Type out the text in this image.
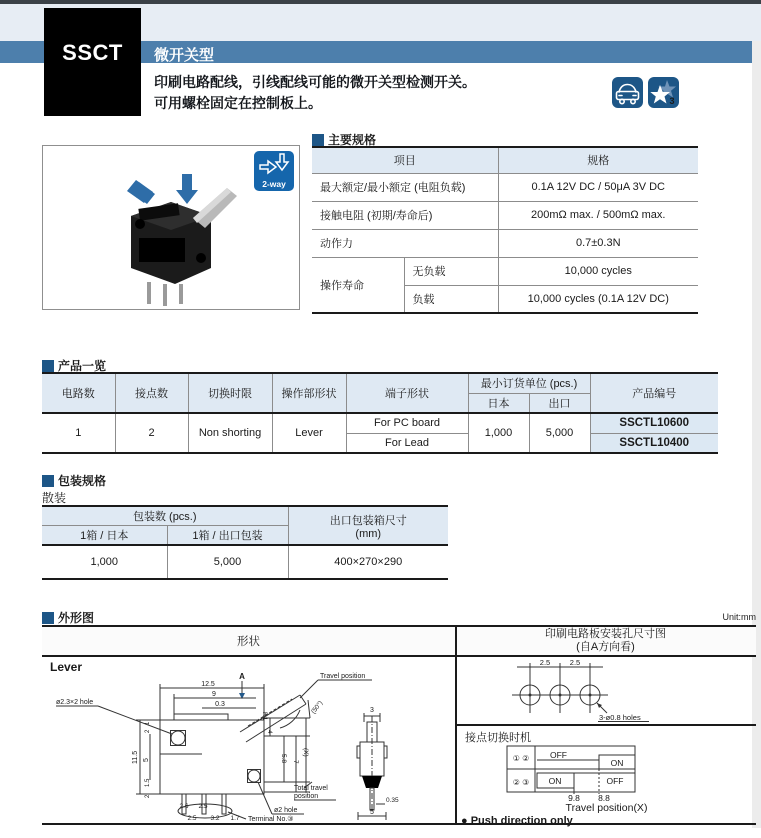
SSCT	微开关型
印刷电路配线，引线配线可能的微开关型检测开关。
可用螺栓固定在控制板上。	3
2-way
主要规格
项目		规格
最大额定/最小额定 (电阻负载)		0.1A 12V DC / 50μA 3V DC
接触电阻 (初期/寿命后)		200mΩ max. / 500mΩ max.
动作力		0.7±0.3N
操作寿命	无负载	10,000 cycles
	负载	10,000 cycles (0.1A 12V DC)
产品一览
电路数	接点数	切换时限	操作部形状	端子形状	最小订货单位 (pcs.)		产品编号
					日本	出口	
1	2	Non shorting	Lever	For PC board	1,000	5,000	SSCTL10600
				For Lead			SSCTL10400
包装规格
散装
包装数 (pcs.)		出口包装箱尺寸
(mm)

1箱 / 日本	1箱 / 出口包装	
1,000	5,000	400×270×290
外形图	Unit:mm
形状
印刷电路板安装孔尺寸图
(自A方向看)
Lever
A
12.5
9
0.3
R1
(50°)
Travel position
4
5.8 7
(X)
Total travel
position
11.5 5
1
2
1.5
2
ø2.3×2 hole
2.6 2.5
2.5 3.2 1.7
ø2 hole
Terminal No.③
3
0.35
5
2.5	2.5
3-ø0.8 holes
接点切换时机
① ② OFF
ON
② ③ ON	OFF
9.8 8.8
Travel position(X)
● Push direction only
